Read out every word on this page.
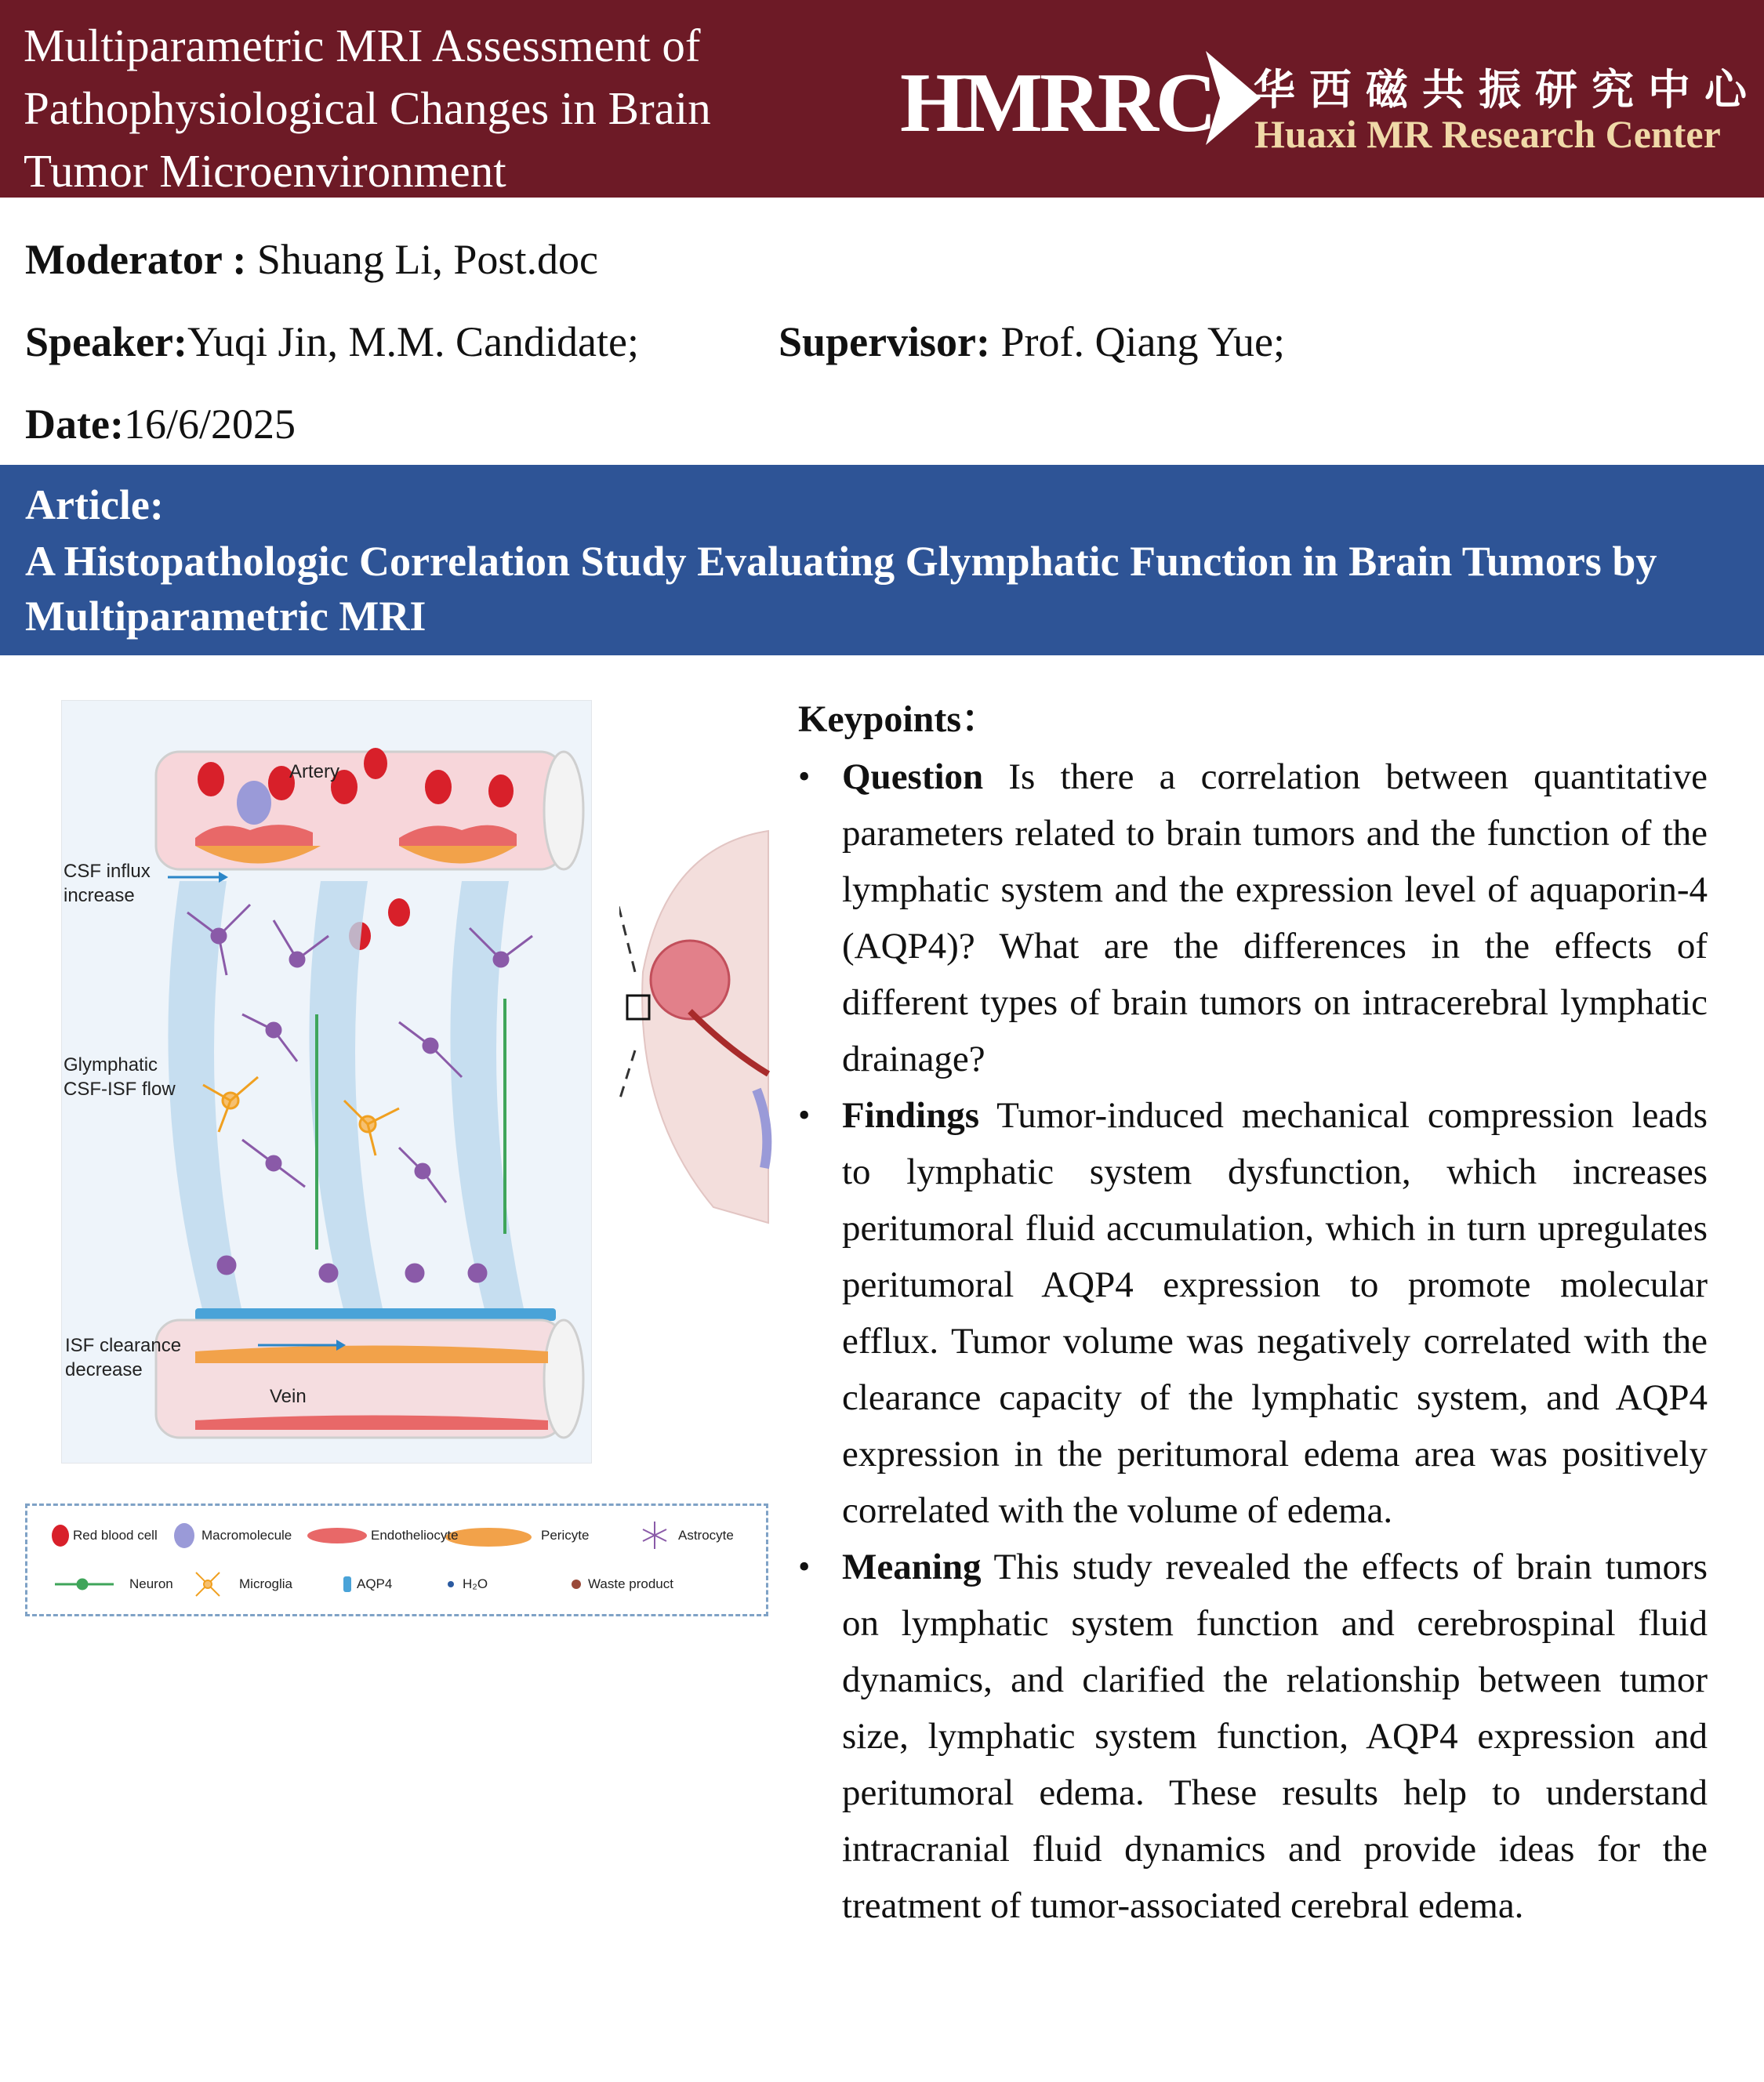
Multiparametric MRI Assessment of
Pathophysiological Changes in Brain
Tumor Microenvironment
HMRRC 华西磁共振研究中心
Huaxi MR Research Center
Moderator : Shuang Li, Post.doc
Speaker:Yuqi Jin, M.M. Candidate;	Supervisor: Prof. Qiang Yue;
Date:16/6/2025
Article:
A Histopathologic Correlation Study Evaluating Glymphatic Function in Brain Tumors by Multiparametric MRI
Artery
Vein
CSF influx
increase
Glymphatic
CSF-ISF flow
ISF clearance
decrease
Red blood cell	Macromolecule	Endotheliocyte	Pericyte	Astrocyte
Neuron	Microglia	AQP4	H₂O	Waste product
Keypoints：
• Question Is there a correlation between quantitative parameters related to brain tumors and the function of the lymphatic system and the expression level of aquaporin-4 (AQP4)? What are the differences in the effects of different types of brain tumors on intracerebral lymphatic drainage?
• Findings Tumor-induced mechanical compression leads to lymphatic system dysfunction, which increases peritumoral fluid accumulation, which in turn upregulates peritumoral AQP4 expression to promote molecular efflux. Tumor volume was negatively correlated with the clearance capacity of the lymphatic system, and AQP4 expression in the peritumoral edema area was positively correlated with the volume of edema.
• Meaning This study revealed the effects of brain tumors on lymphatic system function and cerebrospinal fluid dynamics, and clarified the relationship between tumor size, lymphatic system function, AQP4 expression and peritumoral edema. These results help to understand intracranial fluid dynamics and provide ideas for the treatment of tumor-associated cerebral edema.
